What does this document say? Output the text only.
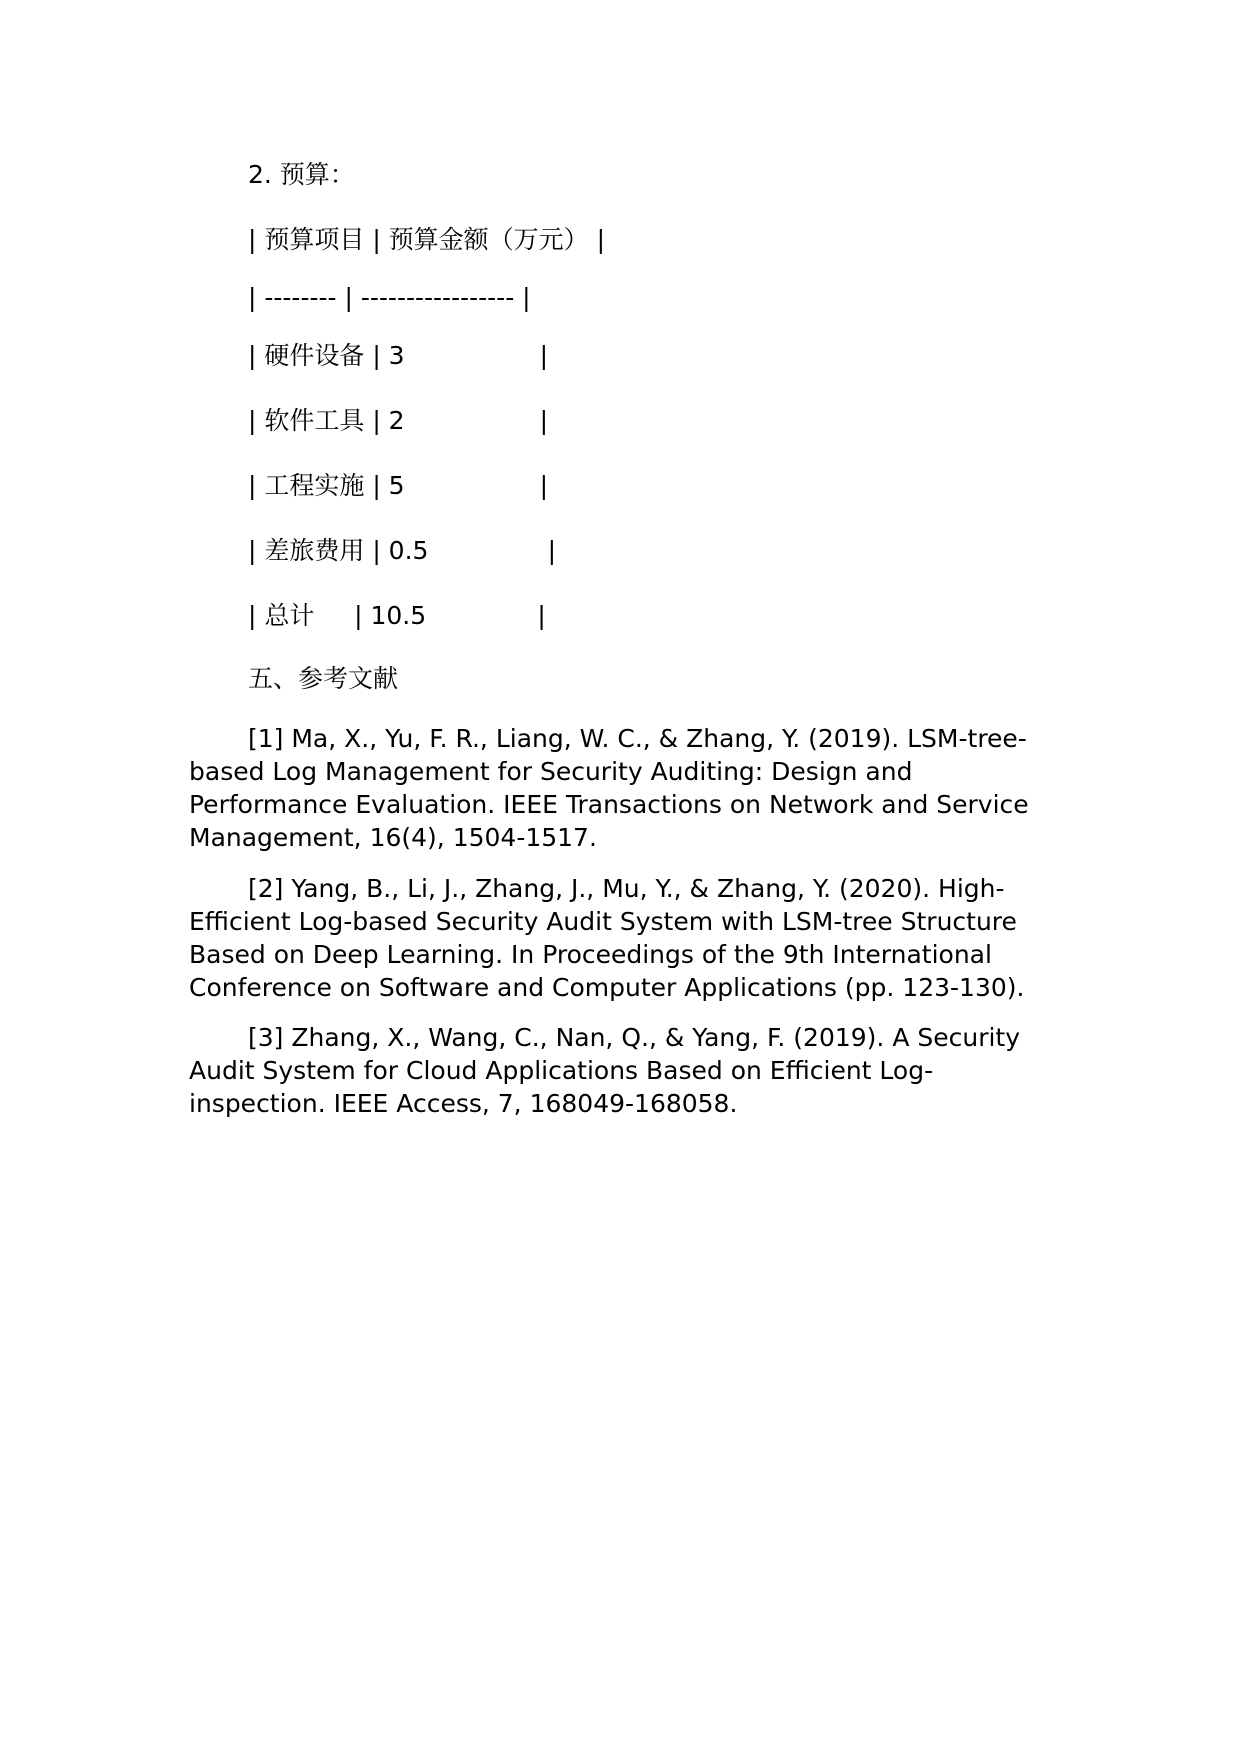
2. 预算：
| 预算项目 | 预算金额（万元） |
| -------- | ----------------- |
| 硬件设备 | 3                 |
| 软件工具 | 2                 |
| 工程实施 | 5                 |
| 差旅费用 | 0.5               |
| 总计     | 10.5              |
五、参考文献
[1] Ma, X., Yu, F. R., Liang, W. C., & Zhang, Y. (2019). LSM-tree-based Log Management for Security Auditing: Design and Performance Evaluation. IEEE Transactions on Network and Service Management, 16(4), 1504-1517.
[2] Yang, B., Li, J., Zhang, J., Mu, Y., & Zhang, Y. (2020). High-Efficient Log-based Security Audit System with LSM-tree Structure Based on Deep Learning. In Proceedings of the 9th International Conference on Software and Computer Applications (pp. 123-130).
[3] Zhang, X., Wang, C., Nan, Q., & Yang, F. (2019). A Security Audit System for Cloud Applications Based on Efficient Log-inspection. IEEE Access, 7, 168049-168058.
